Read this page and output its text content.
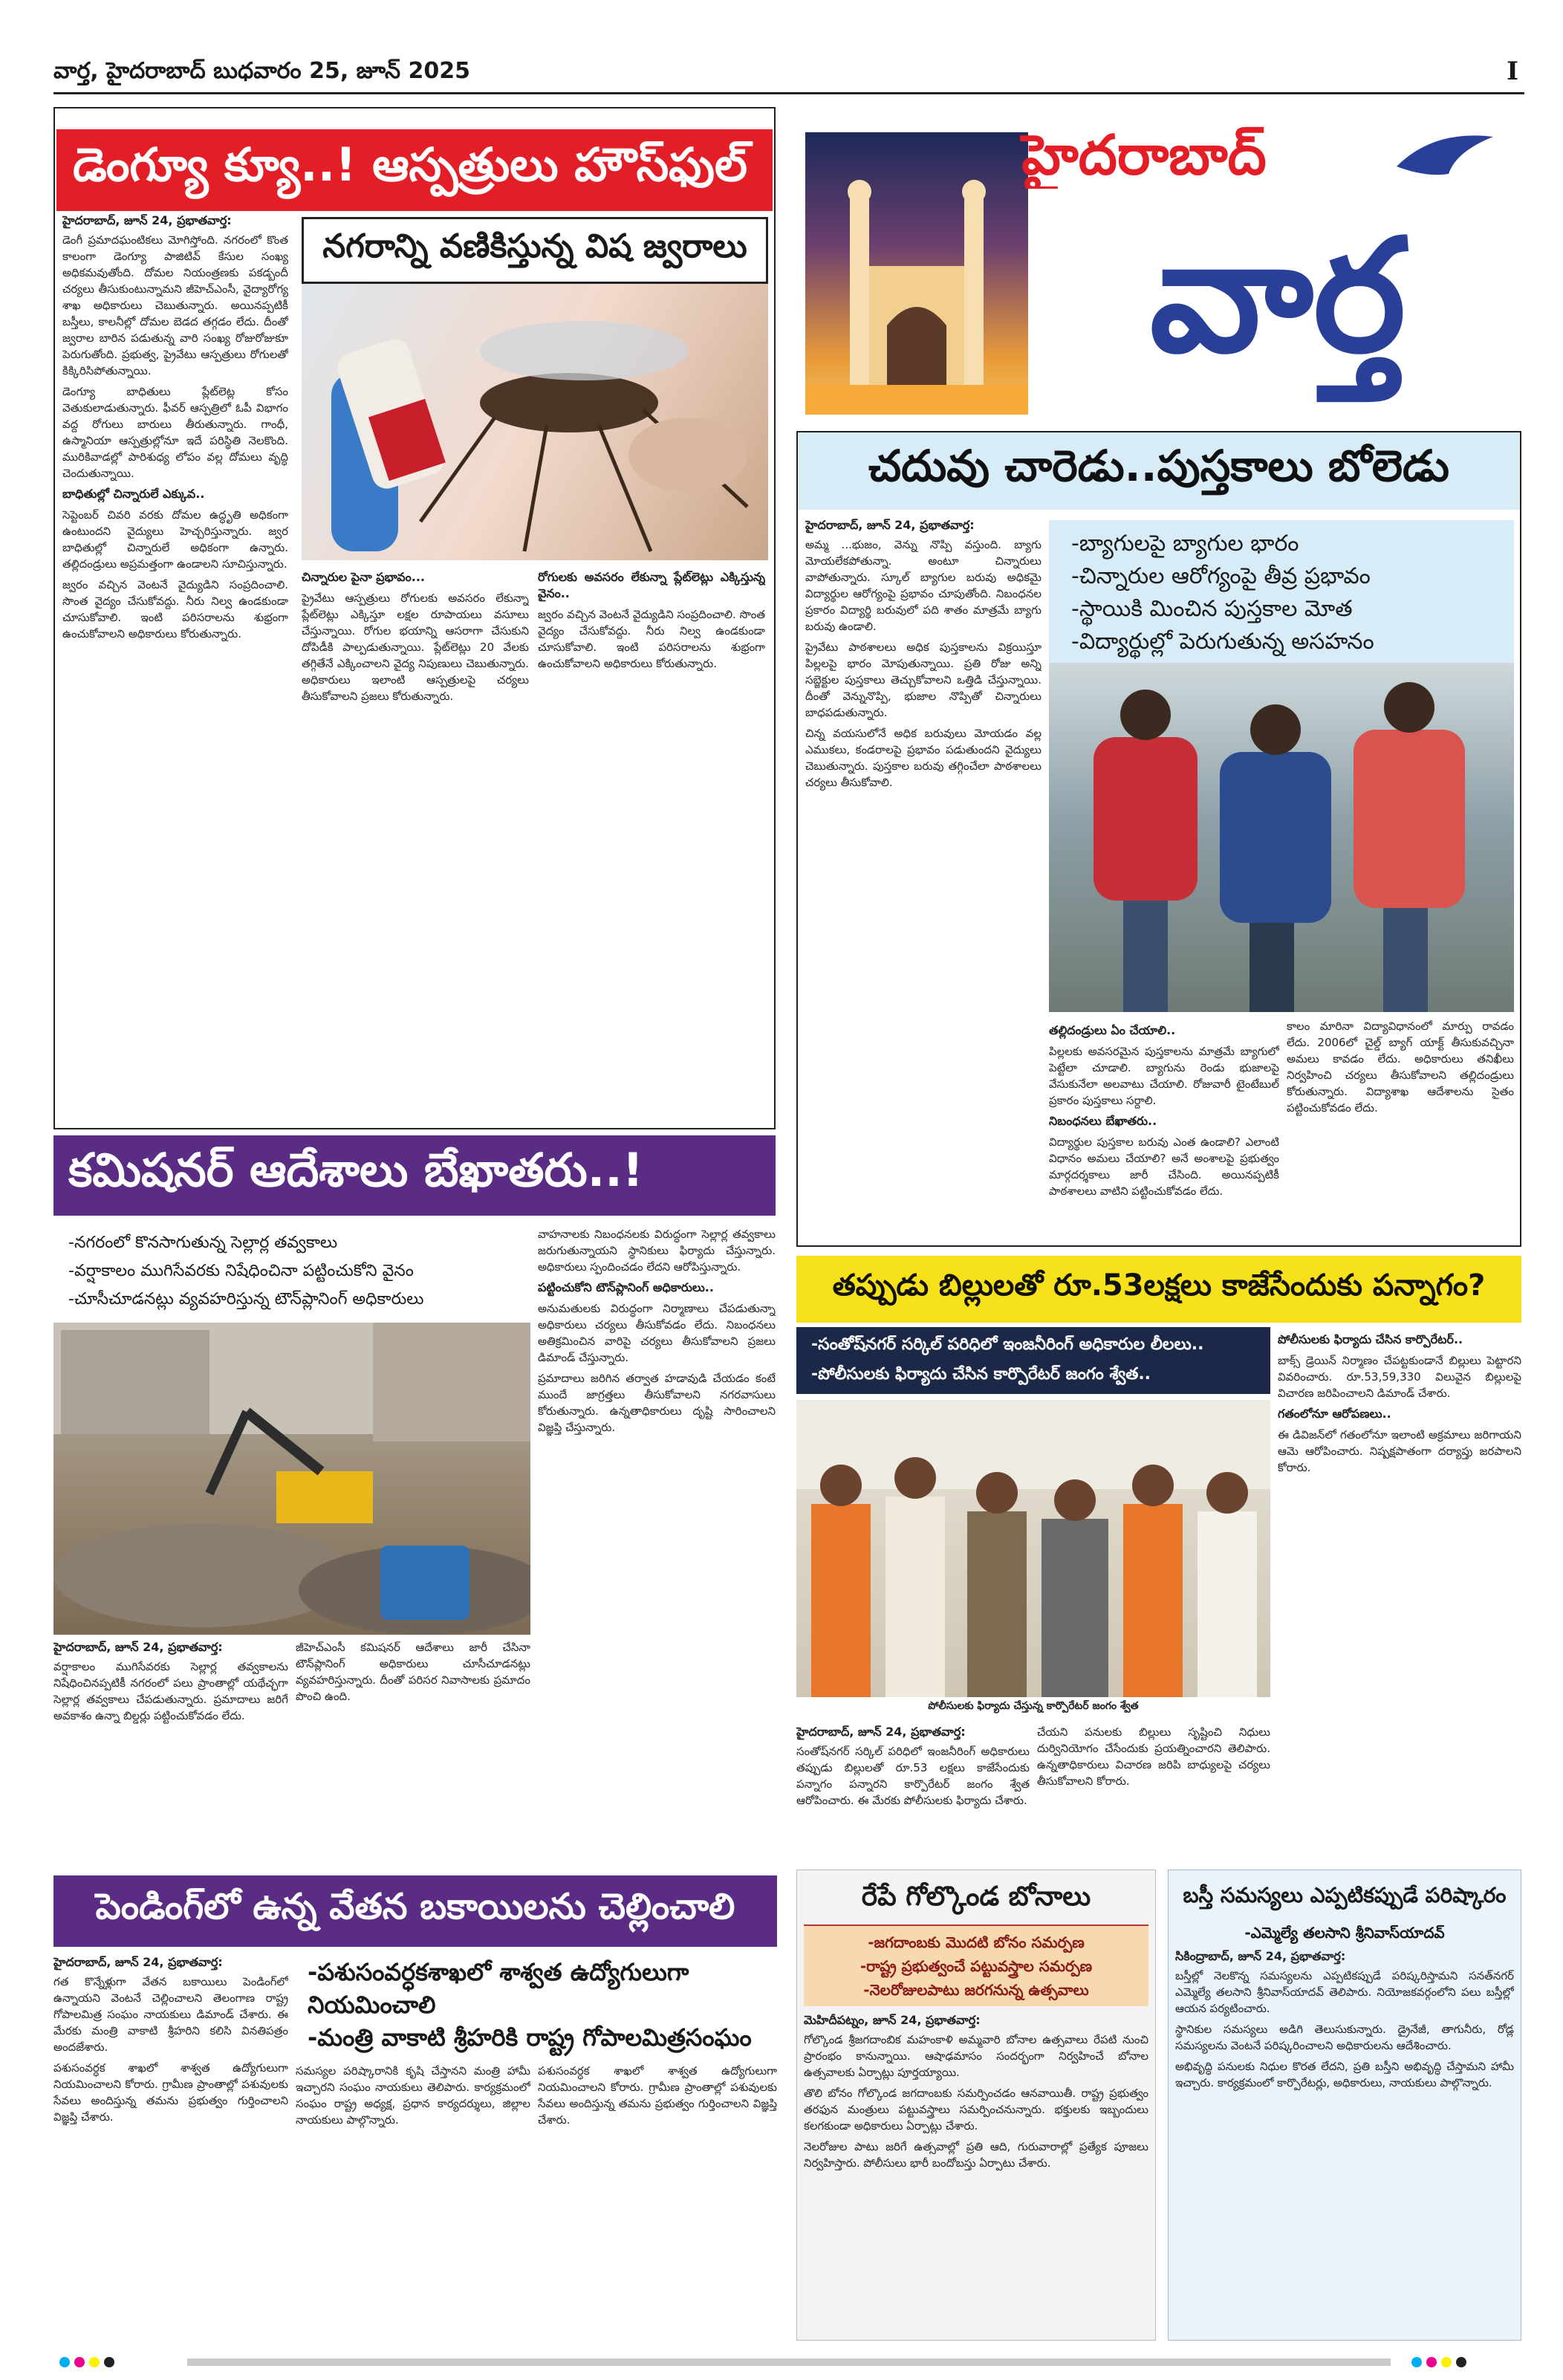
వార్త, హైదరాబాద్ బుధవారం 25, జూన్ 2025	I
డెంగ్యూ క్యూ..! ఆస్పత్రులు హౌస్‌ఫుల్
హైదరాబాద్, జూన్ 24, ప్రభాతవార్త:

డెంగీ ప్రమాదఘంటికలు మోగిస్తోంది. నగరంలో కొంత కాలంగా డెంగ్యూ పాజిటివ్ కేసుల సంఖ్య అధికమవుతోంది. దోమల నియంత్రణకు పకడ్బందీ చర్యలు తీసుకుంటున్నామని జీహెచ్ఎంసీ, వైద్యారోగ్య శాఖ అధికారులు చెబుతున్నారు. అయినప్పటికీ బస్తీలు, కాలనీల్లో దోమల బెడద తగ్గడం లేదు. దీంతో జ్వరాల బారిన పడుతున్న వారి సంఖ్య రోజురోజుకూ పెరుగుతోంది. ప్రభుత్వ, ప్రైవేటు ఆస్పత్రులు రోగులతో కిక్కిరిసిపోతున్నాయి.

డెంగ్యూ బాధితులు ప్లేట్‌లెట్ల కోసం వెతుకులాడుతున్నారు. ఫీవర్ ఆస్పత్రిలో ఓపీ విభాగం వద్ద రోగులు బారులు తీరుతున్నారు. గాంధీ, ఉస్మానియా ఆస్పత్రుల్లోనూ ఇదే పరిస్థితి నెలకొంది. మురికివాడల్లో పారిశుధ్య లోపం వల్ల దోమలు వృద్ధి చెందుతున్నాయి.

బాధితుల్లో చిన్నారులే ఎక్కువ..

సెప్టెంబర్ చివరి వరకు దోమల ఉద్ధృతి అధికంగా ఉంటుందని వైద్యులు హెచ్చరిస్తున్నారు. జ్వర బాధితుల్లో చిన్నారులే అధికంగా ఉన్నారు. తల్లిదండ్రులు అప్రమత్తంగా ఉండాలని సూచిస్తున్నారు.

జ్వరం వచ్చిన వెంటనే వైద్యుడిని సంప్రదించాలి. సొంత వైద్యం చేసుకోవద్దు. నీరు నిల్వ ఉండకుండా చూసుకోవాలి. ఇంటి పరిసరాలను శుభ్రంగా ఉంచుకోవాలని అధికారులు కోరుతున్నారు.

నగరాన్ని వణికిస్తున్న విష జ్వరాలు
చిన్నారుల పైనా ప్రభావం...

ప్రైవేటు ఆస్పత్రులు రోగులకు అవసరం లేకున్నా ప్లేట్‌లెట్లు ఎక్కిస్తూ లక్షల రూపాయలు వసూలు చేస్తున్నాయి. రోగుల భయాన్ని ఆసరాగా చేసుకుని దోపిడీకి పాల్పడుతున్నాయి. ప్లేట్‌లెట్లు 20 వేలకు తగ్గితేనే ఎక్కించాలని వైద్య నిపుణులు చెబుతున్నారు. అధికారులు ఇలాంటి ఆస్పత్రులపై చర్యలు తీసుకోవాలని ప్రజలు కోరుతున్నారు.

రోగులకు అవసరం లేకున్నా ప్లేట్‌లెట్లు ఎక్కిస్తున్న వైనం..

జ్వరం వచ్చిన వెంటనే వైద్యుడిని సంప్రదించాలి. సొంత వైద్యం చేసుకోవద్దు. నీరు నిల్వ ఉండకుండా చూసుకోవాలి. ఇంటి పరిసరాలను శుభ్రంగా ఉంచుకోవాలని అధికారులు కోరుతున్నారు.

హైదరాబాద్
వార్త
చదువు చారెడు..పుస్తకాలు బోలెడు
హైదరాబాద్, జూన్ 24, ప్రభాతవార్త:

అమ్మ ...భుజం, వెన్ను నొప్పి వస్తుంది. బ్యాగు మోయలేకపోతున్నా. అంటూ చిన్నారులు వాపోతున్నారు. స్కూల్ బ్యాగుల బరువు అధికమై విద్యార్థుల ఆరోగ్యంపై ప్రభావం చూపుతోంది. నిబంధనల ప్రకారం విద్యార్థి బరువులో పది శాతం మాత్రమే బ్యాగు బరువు ఉండాలి.

ప్రైవేటు పాఠశాలలు అధిక పుస్తకాలను విక్రయిస్తూ పిల్లలపై భారం మోపుతున్నాయి. ప్రతి రోజు అన్ని సబ్జెక్టుల పుస్తకాలు తెచ్చుకోవాలని ఒత్తిడి చేస్తున్నాయి. దీంతో వెన్నునొప్పి, భుజాల నొప్పితో చిన్నారులు బాధపడుతున్నారు.

చిన్న వయసులోనే అధిక బరువులు మోయడం వల్ల ఎముకలు, కండరాలపై ప్రభావం పడుతుందని వైద్యులు చెబుతున్నారు. పుస్తకాల బరువు తగ్గించేలా పాఠశాలలు చర్యలు తీసుకోవాలి.

-బ్యాగులపై బ్యాగుల భారం
-చిన్నారుల ఆరోగ్యంపై తీవ్ర ప్రభావం
-స్థాయికి మించిన పుస్తకాల మోత
-విద్యార్థుల్లో పెరుగుతున్న అసహనం
తల్లిదండ్రులు ఏం చేయాలి..

పిల్లలకు అవసరమైన పుస్తకాలను మాత్రమే బ్యాగులో పెట్టేలా చూడాలి. బ్యాగును రెండు భుజాలపై వేసుకునేలా అలవాటు చేయాలి. రోజువారీ టైంటేబుల్ ప్రకారం పుస్తకాలు సర్దాలి.

నిబంధనలు బేఖాతరు..

విద్యార్థుల పుస్తకాల బరువు ఎంత ఉండాలి? ఎలాంటి విధానం అమలు చేయాలి? అనే అంశాలపై ప్రభుత్వం మార్గదర్శకాలు జారీ చేసింది. అయినప్పటికీ పాఠశాలలు వాటిని పట్టించుకోవడం లేదు.

కాలం మారినా విద్యావిధానంలో మార్పు రావడం లేదు. 2006లో చైల్డ్ బ్యాగ్ యాక్ట్ తీసుకువచ్చినా అమలు కావడం లేదు. అధికారులు తనిఖీలు నిర్వహించి చర్యలు తీసుకోవాలని తల్లిదండ్రులు కోరుతున్నారు. విద్యాశాఖ ఆదేశాలను సైతం పట్టించుకోవడం లేదు.

కమిషనర్ ఆదేశాలు బేఖాతరు..!
-నగరంలో కొనసాగుతున్న సెల్లార్ల తవ్వకాలు
-వర్షాకాలం ముగిసేవరకు నిషేధించినా పట్టించుకోని వైనం
-చూసీచూడనట్లు వ్యవహరిస్తున్న టౌన్‌ప్లానింగ్ అధికారులు
హైదరాబాద్, జూన్ 24, ప్రభాతవార్త:

వర్షాకాలం ముగిసేవరకు సెల్లార్ల తవ్వకాలను నిషేధించినప్పటికీ నగరంలో పలు ప్రాంతాల్లో యథేచ్ఛగా సెల్లార్ల తవ్వకాలు చేపడుతున్నారు. ప్రమాదాలు జరిగే అవకాశం ఉన్నా బిల్డర్లు పట్టించుకోవడం లేదు.

జీహెచ్ఎంసీ కమిషనర్ ఆదేశాలు జారీ చేసినా టౌన్‌ప్లానింగ్ అధికారులు చూసీచూడనట్లు వ్యవహరిస్తున్నారు. దీంతో పరిసర నివాసాలకు ప్రమాదం పొంచి ఉంది.

వాహనాలకు నిబంధనలకు విరుద్ధంగా సెల్లార్ల తవ్వకాలు జరుగుతున్నాయని స్థానికులు ఫిర్యాదు చేస్తున్నారు. అధికారులు స్పందించడం లేదని ఆరోపిస్తున్నారు.

పట్టించుకోని టౌన్‌ప్లానింగ్ అధికారులు..

అనుమతులకు విరుద్ధంగా నిర్మాణాలు చేపడుతున్నా అధికారులు చర్యలు తీసుకోవడం లేదు. నిబంధనలు అతిక్రమించిన వారిపై చర్యలు తీసుకోవాలని ప్రజలు డిమాండ్ చేస్తున్నారు.

ప్రమాదాలు జరిగిన తర్వాత హడావుడి చేయడం కంటే ముందే జాగ్రత్తలు తీసుకోవాలని నగరవాసులు కోరుతున్నారు. ఉన్నతాధికారులు దృష్టి సారించాలని విజ్ఞప్తి చేస్తున్నారు.

తప్పుడు బిల్లులతో రూ.53లక్షలు కాజేసేందుకు పన్నాగం?
-సంతోష్‌నగర్ సర్కిల్ పరిధిలో ఇంజనీరింగ్ అధికారుల లీలలు..
-పోలీసులకు ఫిర్యాదు చేసిన కార్పొరేటర్ జంగం శ్వేత..
పోలీసులకు ఫిర్యాదు చేస్తున్న కార్పొరేటర్ జంగం శ్వేత
హైదరాబాద్, జూన్ 24, ప్రభాతవార్త:

సంతోష్‌నగర్ సర్కిల్ పరిధిలో ఇంజనీరింగ్ అధికారులు తప్పుడు బిల్లులతో రూ.53 లక్షలు కాజేసేందుకు పన్నాగం పన్నారని కార్పొరేటర్ జంగం శ్వేత ఆరోపించారు. ఈ మేరకు పోలీసులకు ఫిర్యాదు చేశారు.

చేయని పనులకు బిల్లులు సృష్టించి నిధులు దుర్వినియోగం చేసేందుకు ప్రయత్నించారని తెలిపారు. ఉన్నతాధికారులు విచారణ జరిపి బాధ్యులపై చర్యలు తీసుకోవాలని కోరారు.

పోలీసులకు ఫిర్యాదు చేసిన కార్పొరేటర్..

బాక్స్ డ్రెయిన్ నిర్మాణం చేపట్టకుండానే బిల్లులు పెట్టారని వివరించారు. రూ.53,59,330 విలువైన బిల్లులపై విచారణ జరిపించాలని డిమాండ్ చేశారు.

గతంలోనూ ఆరోపణలు..

ఈ డివిజన్‌లో గతంలోనూ ఇలాంటి అక్రమాలు జరిగాయని ఆమె ఆరోపించారు. నిష్పక్షపాతంగా దర్యాప్తు జరపాలని కోరారు.

పెండింగ్‌లో ఉన్న వేతన బకాయిలను చెల్లించాలి
హైదరాబాద్, జూన్ 24, ప్రభాతవార్త:

గత కొన్నేళ్లుగా వేతన బకాయిలు పెండింగ్‌లో ఉన్నాయని వెంటనే చెల్లించాలని తెలంగాణ రాష్ట్ర గోపాలమిత్ర సంఘం నాయకులు డిమాండ్ చేశారు. ఈ మేరకు మంత్రి వాకాటి శ్రీహరిని కలిసి వినతిపత్రం అందజేశారు.

పశుసంవర్ధక శాఖలో శాశ్వత ఉద్యోగులుగా నియమించాలని కోరారు. గ్రామీణ ప్రాంతాల్లో పశువులకు సేవలు అందిస్తున్న తమను ప్రభుత్వం గుర్తించాలని విజ్ఞప్తి చేశారు.

-పశుసంవర్ధకశాఖలో శాశ్వత ఉద్యోగులుగా నియమించాలి
-మంత్రి వాకాటి శ్రీహరికి రాష్ట్ర గోపాలమిత్రసంఘం

సమస్యల పరిష్కారానికి కృషి చేస్తానని మంత్రి హామీ ఇచ్చారని సంఘం నాయకులు తెలిపారు. కార్యక్రమంలో సంఘం రాష్ట్ర అధ్యక్ష, ప్రధాన కార్యదర్శులు, జిల్లాల నాయకులు పాల్గొన్నారు.

పశుసంవర్ధక శాఖలో శాశ్వత ఉద్యోగులుగా నియమించాలని కోరారు. గ్రామీణ ప్రాంతాల్లో పశువులకు సేవలు అందిస్తున్న తమను ప్రభుత్వం గుర్తించాలని విజ్ఞప్తి చేశారు.

రేపే గోల్కొండ బోనాలు
-జగదాంబకు మొదటి బోనం సమర్పణ
-రాష్ట్ర ప్రభుత్వంచే పట్టువస్త్రాల సమర్పణ
-నెలరోజులపాటు జరగనున్న ఉత్సవాలు
మెహిదీపట్నం, జూన్ 24, ప్రభాతవార్త:

గోల్కొండ శ్రీజగదాంబిక మహంకాళి అమ్మవారి బోనాల ఉత్సవాలు రేపటి నుంచి ప్రారంభం కానున్నాయి. ఆషాఢమాసం సందర్భంగా నిర్వహించే బోనాల ఉత్సవాలకు ఏర్పాట్లు పూర్తయ్యాయి.

తొలి బోనం గోల్కొండ జగదాంబకు సమర్పించడం ఆనవాయితీ. రాష్ట్ర ప్రభుత్వం తరఫున మంత్రులు పట్టువస్త్రాలు సమర్పించనున్నారు. భక్తులకు ఇబ్బందులు కలగకుండా అధికారులు ఏర్పాట్లు చేశారు.

నెలరోజుల పాటు జరిగే ఉత్సవాల్లో ప్రతి ఆది, గురువారాల్లో ప్రత్యేక పూజలు నిర్వహిస్తారు. పోలీసులు భారీ బందోబస్తు ఏర్పాటు చేశారు.

బస్తీ సమస్యలు ఎప్పటికప్పుడే పరిష్కారం
-ఎమ్మెల్యే తలసాని శ్రీనివాస్‌యాదవ్
సికింద్రాబాద్, జూన్ 24, ప్రభాతవార్త:

బస్తీల్లో నెలకొన్న సమస్యలను ఎప్పటికప్పుడే పరిష్కరిస్తామని సనత్‌నగర్ ఎమ్మెల్యే తలసాని శ్రీనివాస్‌యాదవ్ తెలిపారు. నియోజకవర్గంలోని పలు బస్తీల్లో ఆయన పర్యటించారు.

స్థానికుల సమస్యలు అడిగి తెలుసుకున్నారు. డ్రైనేజీ, తాగునీరు, రోడ్ల సమస్యలను వెంటనే పరిష్కరించాలని అధికారులను ఆదేశించారు.

అభివృద్ధి పనులకు నిధుల కొరత లేదని, ప్రతి బస్తీని అభివృద్ధి చేస్తామని హామీ ఇచ్చారు. కార్యక్రమంలో కార్పొరేటర్లు, అధికారులు, నాయకులు పాల్గొన్నారు.
